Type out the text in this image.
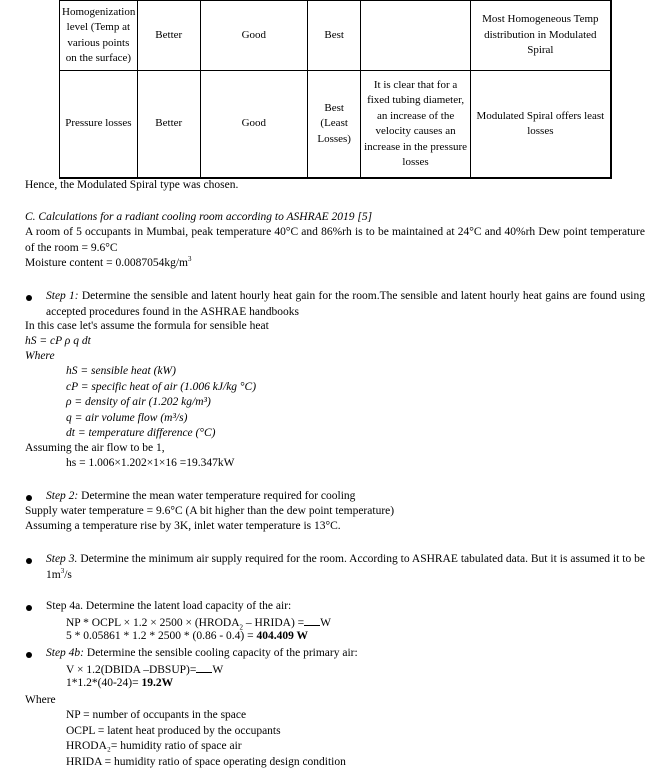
Homogenization level (Temp at various points on the surface)	Better	Good	Best		Most Homogeneous Temp distribution in Modulated Spiral
Pressure losses	Better	Good	Best (Least Losses)	It is clear that for a fixed tubing diameter, an increase of the velocity causes an increase in the pressure losses	Modulated Spiral offers least losses
Hence, the Modulated Spiral type was chosen.
C. Calculations for a radiant cooling room according to ASHRAE 2019 [5]
A room of 5 occupants in Mumbai, peak temperature 40°C and 86%rh is to be maintained at 24°C and 40%rh Dew point temperature of the room = 9.6°C
Moisture content = $0.0087054kg/m^3$
Step 1: Determine the sensible and latent hourly heat gain for the room.The sensible and latent hourly heat gains are found using accepted procedures found in the ASHRAE handbooks
In this case let's assume the formula for sensible heat
hS = cP ρ q dt
Where
hS = sensible heat (kW)
cP = specific heat of air (1.006 kJ/kg °C)
ρ = density of air (1.202 kg/m³)
q = air volume flow (m³/s)
dt = temperature difference (°C)
Assuming the air flow to be 1,
hs = 1.006×1.202×1×16 =19.347kW
Step 2: Determine the mean water temperature required for cooling
Supply water temperature = 9.6°C (A bit higher than the dew point temperature)
Assuming a temperature rise by 3K, inlet water temperature is 13°C.
Step 3. Determine the minimum air supply required for the room. According to ASHRAE tabulated data. But it is assumed it to be $1m^3/s$
Step 4a. Determine the latent load capacity of the air:
NP * OCPL × $1.2 \times 2500 \times (HRODA_2$ – HRIDA) = W
5 * 0.05861 * 1.2 * 2500 * (0.86 - 0.4) = 404.409 W
Step 4b: Determine the sensible cooling capacity of the primary air:
V × 1.2(DBIDA –DBSUP)= W
1*1.2*(40-24)= 19.2W
Where
NP = number of occupants in the space
OCPL = latent heat produced by the occupants
HRODA₂= humidity ratio of space air
HRIDA = humidity ratio of space operating design condition
